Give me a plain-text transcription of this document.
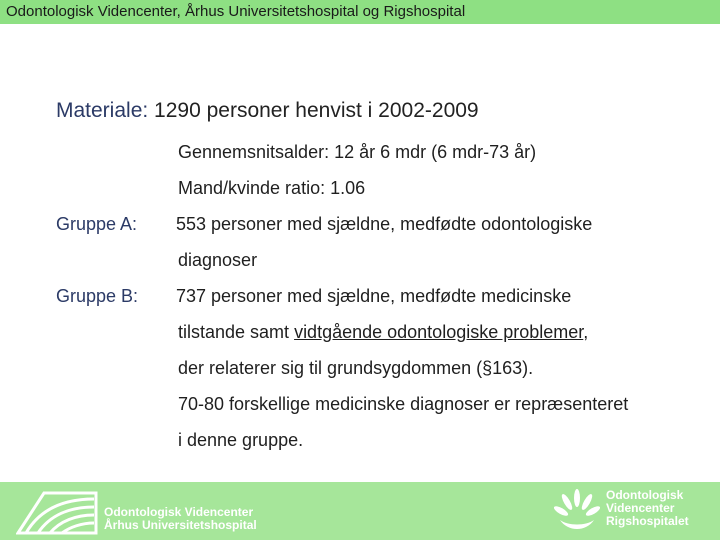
Odontologisk Videncenter, Århus Universitetshospital og Rigshospital
Materiale: 1290 personer henvist i 2002-2009
Gennemsnitsalder: 12 år 6 mdr (6 mdr-73 år)
Mand/kvinde ratio: 1.06
Gruppe A: 553 personer med sjældne, medfødte odontologiske
diagnoser
Gruppe B: 737 personer med sjældne, medfødte medicinske
tilstande samt vidtgående odontologiske problemer,
der relaterer sig til grundsygdommen (§163).
70-80 forskellige medicinske diagnoser er repræsenteret
i denne gruppe.
Odontologisk Videncenter
Århus Universitetshospital
Odontologisk
Videncenter
Rigshospitalet
